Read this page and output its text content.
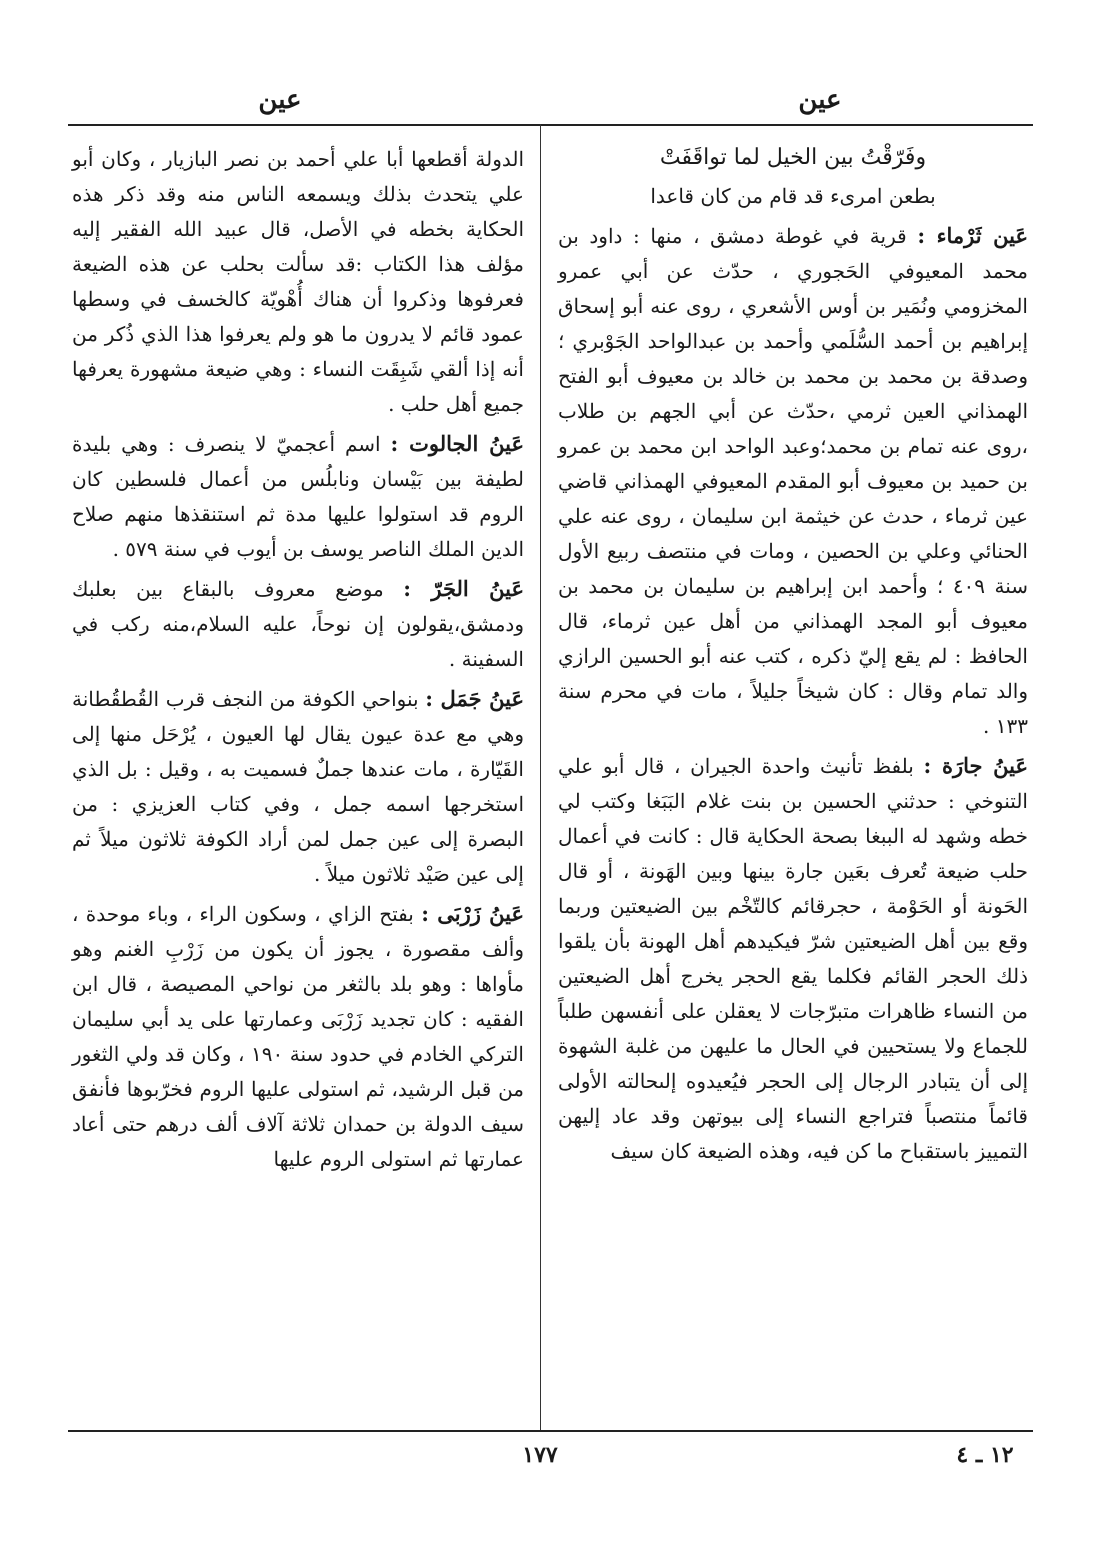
عين
عين

وفَرّقْتُ بين الخيل لما تواقَفَتْ

بطعن امرىء قد قام من كان قاعدا

عَين ثَرْماء : قرية في غوطة دمشق ، منها : داود بن محمد المعيوفي الحَجوري ، حدّث عن أبي عمرو المخزومي ونُمَير بن أوس الأشعري ، روى عنه أبو إسحاق إبراهيم بن أحمد السُّلَمي وأحمد بن عبدالواحد الجَوْبري ؛ وصدقة بن محمد بن محمد بن خالد بن معيوف أبو الفتح الهمذاني العين ثرمي ،حدّث عن أبي الجهم بن طلاب ،روى عنه تمام بن محمد؛وعبد الواحد ابن محمد بن عمرو بن حميد بن معيوف أبو المقدم المعيوفي الهمذاني قاضي عين ثرماء ، حدث عن خيثمة ابن سليمان ، روى عنه علي الحنائي وعلي بن الحصين ، ومات في منتصف ربيع الأول سنة ٤٠٩ ؛ وأحمد ابن إبراهيم بن سليمان بن محمد بن معيوف أبو المجد الهمذاني من أهل عين ثرماء، قال الحافظ : لم يقع إليّ ذكره ، كتب عنه أبو الحسين الرازي والد تمام وقال : كان شيخاً جليلاً ، مات في محرم سنة ١٣٣ .

عَينُ جارَة : بلفظ تأنيث واحدة الجيران ، قال أبو علي التنوخي : حدثني الحسين بن بنت غلام البَبَغا وكتب لي خطه وشهد له الببغا بصحة الحكاية قال : كانت في أعمال حلب ضيعة تُعرف بعَين جارة بينها وبين الهَونة ، أو قال الحَونة أو الحَوْمة ، حجرقائم كالتّخْم بين الضيعتين وربما وقع بين أهل الضيعتين شرّ فيكيدهم أهل الهونة بأن يلقوا ذلك الحجر القائم فكلما يقع الحجر يخرج أهل الضيعتين من النساء ظاهرات متبرّجات لا يعقلن على أنفسهن طلباً للجماع ولا يستحيين في الحال ما عليهن من غلبة الشهوة إلى أن يتبادر الرجال إلى الحجر فيُعيدوه إلىحالته الأولى قائماً منتصباً فتراجع النساء إلى بيوتهن وقد عاد إليهن التمييز باستقباح ما كن فيه، وهذه الضيعة كان سيف

الدولة أقطعها أبا علي أحمد بن نصر البازيار ، وكان أبو علي يتحدث بذلك ويسمعه الناس منه وقد ذكر هذه الحكاية بخطه في الأصل، قال عبيد الله الفقير إليه مؤلف هذا الكتاب :قد سألت بحلب عن هذه الضيعة فعرفوها وذكروا أن هناك أُهْويّة كالخسف في وسطها عمود قائم لا يدرون ما هو ولم يعرفوا هذا الذي ذُكر من أنه إذا ألقي شَبِقَت النساء : وهي ضيعة مشهورة يعرفها جميع أهل حلب .

عَينُ الجالوت : اسم أعجميّ لا ينصرف : وهي بليدة لطيفة بين بَيْسان ونابلُس من أعمال فلسطين كان الروم قد استولوا عليها مدة ثم استنقذها منهم صلاح الدين الملك الناصر يوسف بن أيوب في سنة ٥٧٩ .

عَينُ الجَرّ : موضع معروف بالبقاع بين بعلبك ودمشق،يقولون إن نوحاً، عليه السلام،منه ركب في السفينة .

عَينُ جَمَل : بنواحي الكوفة من النجف قرب القُطقُطانة وهي مع عدة عيون يقال لها العيون ، يُرْحَل منها إلى القَيّارة ، مات عندها جملٌ فسميت به ، وقيل : بل الذي استخرجها اسمه جمل ، وفي كتاب العزيزي : من البصرة إلى عين جمل لمن أراد الكوفة ثلاثون ميلاً ثم إلى عين صَيْد ثلاثون ميلاً .

عَينُ زَرْبَى : بفتح الزاي ، وسكون الراء ، وباء موحدة ، وألف مقصورة ، يجوز أن يكون من زَرْبِ الغنم وهو مأواها : وهو بلد بالثغر من نواحي المصيصة ، قال ابن الفقيه : كان تجديد زَرْبَى وعمارتها على يد أبي سليمان التركي الخادم في حدود سنة ١٩٠ ، وكان قد ولي الثغور من قبل الرشيد، ثم استولى عليها الروم فخرّبوها فأنفق سيف الدولة بن حمدان ثلاثة آلاف ألف درهم حتى أعاد عمارتها ثم استولى الروم عليها

١٧٧	١٢ ـ ٤
